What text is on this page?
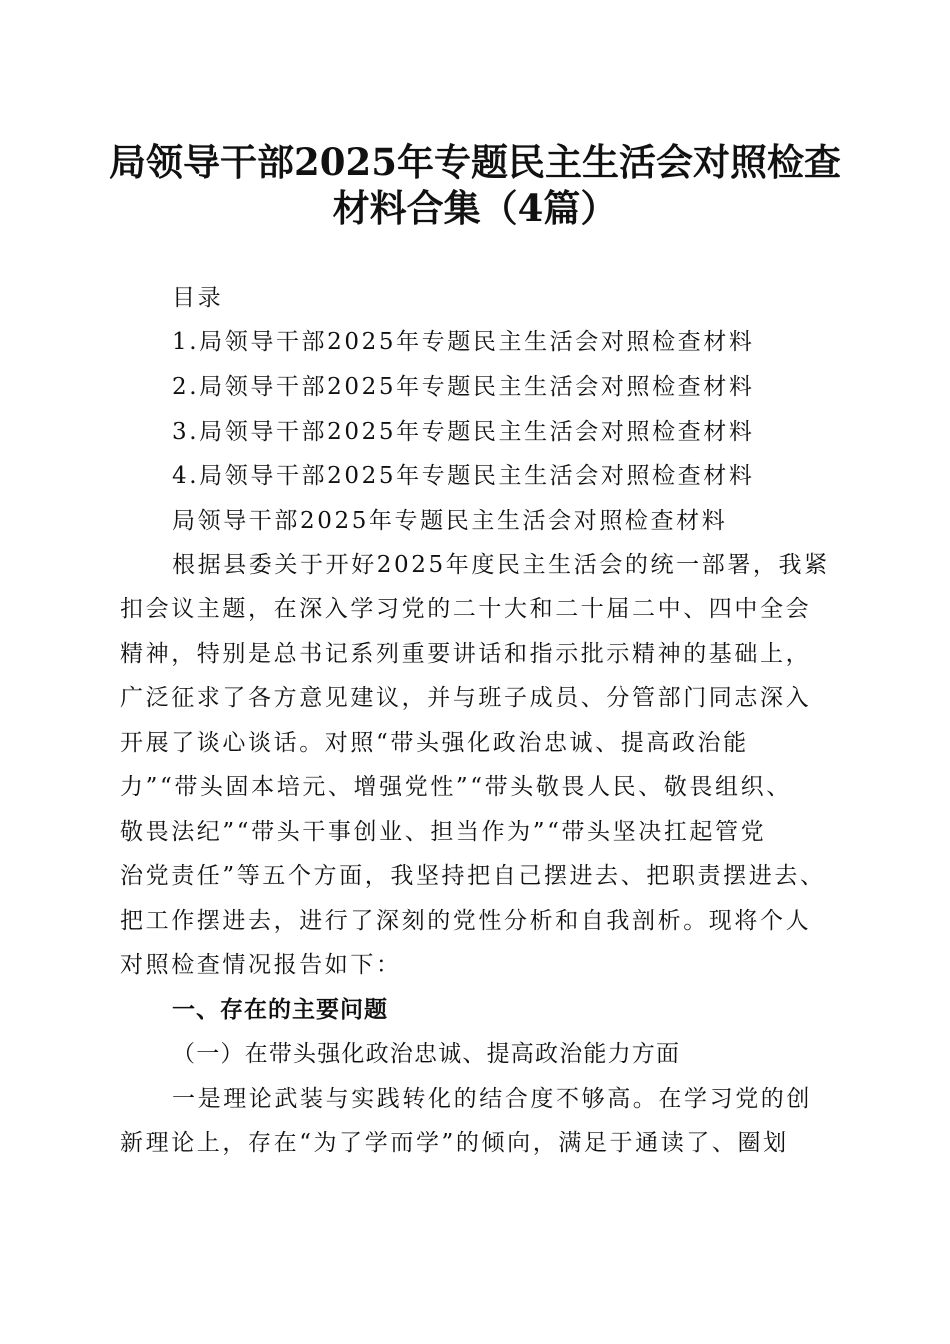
局领导干部2025年专题民主生活会对照检查
材料合集（4篇）
目录
1.局领导干部2025年专题民主生活会对照检查材料
2.局领导干部2025年专题民主生活会对照检查材料
3.局领导干部2025年专题民主生活会对照检查材料
4.局领导干部2025年专题民主生活会对照检查材料
局领导干部2025年专题民主生活会对照检查材料
根据县委关于开好2025年度民主生活会的统一部署，我紧
扣会议主题，在深入学习党的二十大和二十届二中、四中全会
精神，特别是总书记系列重要讲话和指示批示精神的基础上，
广泛征求了各方意见建议，并与班子成员、分管部门同志深入
开展了谈心谈话。对照“带头强化政治忠诚、提高政治能
力”“带头固本培元、增强党性”“带头敬畏人民、敬畏组织、
敬畏法纪”“带头干事创业、担当作为”“带头坚决扛起管党
治党责任”等五个方面，我坚持把自己摆进去、把职责摆进去、
把工作摆进去，进行了深刻的党性分析和自我剖析。现将个人
对照检查情况报告如下：
一、存在的主要问题
（一）在带头强化政治忠诚、提高政治能力方面
一是理论武装与实践转化的结合度不够高。在学习党的创
新理论上，存在“为了学而学”的倾向，满足于通读了、圈划
